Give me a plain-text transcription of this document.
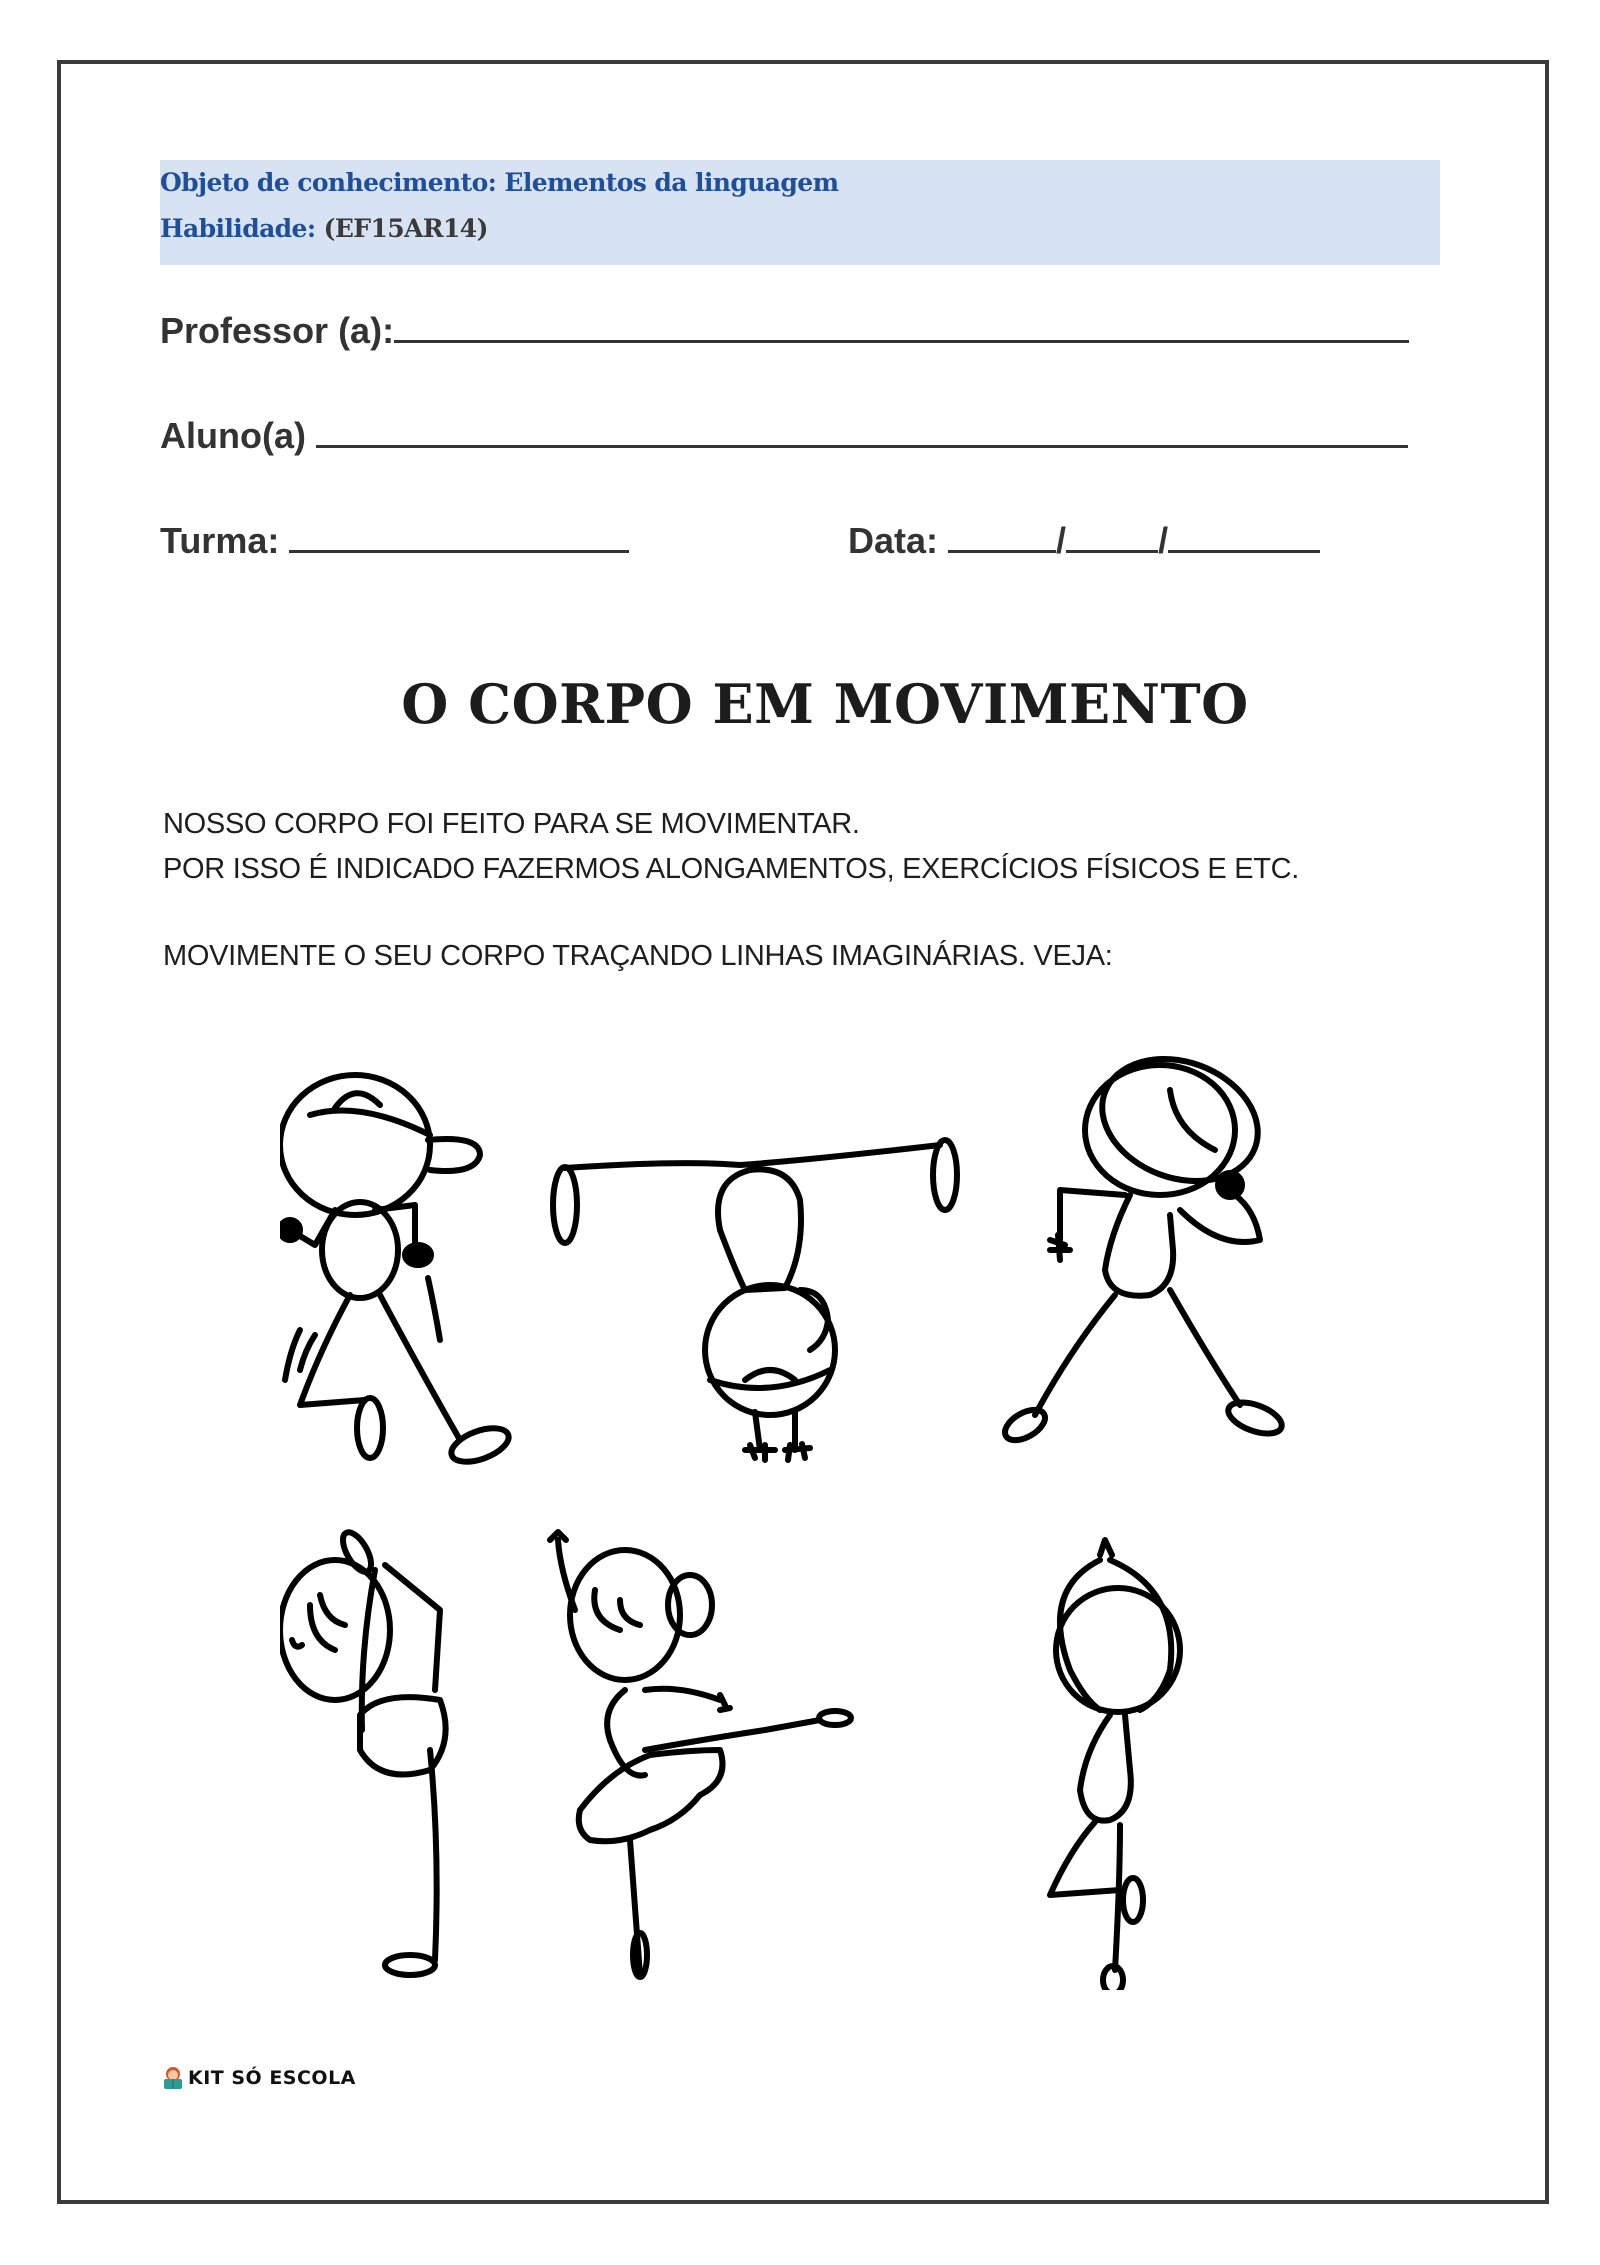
Objeto de conhecimento: Elementos da linguagem
Habilidade: (EF15AR14)
Professor (a):
Aluno(a)
Turma:	Data:	/	/
O CORPO EM MOVIMENTO
NOSSO CORPO FOI FEITO PARA SE MOVIMENTAR.
POR ISSO É INDICADO FAZERMOS ALONGAMENTOS, EXERCÍCIOS FÍSICOS E ETC.
MOVIMENTE O SEU CORPO TRAÇANDO LINHAS IMAGINÁRIAS. VEJA:
KIT SÓ ESCOLA
